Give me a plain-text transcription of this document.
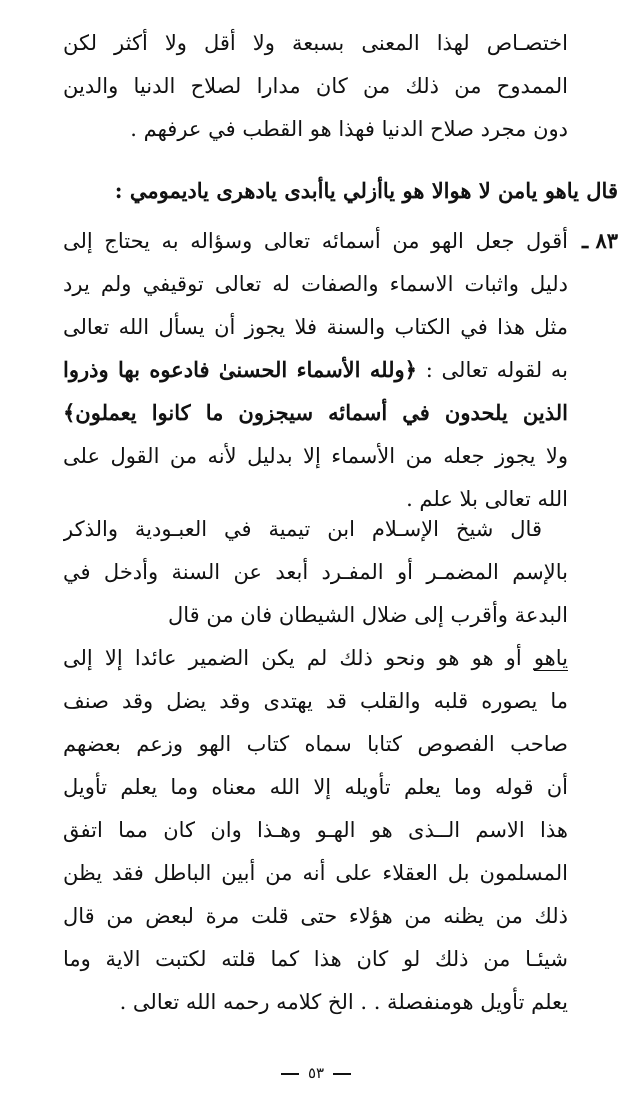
اختصـاص لهذا المعنى بسبعة ولا أقل ولا أكثر لكن
الممدوح من ذلك من كان مدارا لصلاح الدنيا والدين
دون مجرد صلاح الدنيا فهذا هو القطب في عرفهم .
قال ياهو يامن لا هوالا هو ياأزلي ياأبدى يادهرى ياديمومي :
٨٣ ـ
أقول جعل الهو من أسمائه تعالى وسؤاله به يحتاج إلى
دليل واثبات الاسماء والصفات له تعالى توقيفي ولم يرد
مثل هذا في الكتاب والسنة فلا يجوز أن يسأل الله تعالى
به لقوله تعالى : ﴿ولله الأسماء الحسنىٰ فادعوه بها وذروا
الذين يلحدون في أسمائه سيجزون ما كانوا يعملون﴾
ولا يجوز جعله من الأسماء إلا بدليل لأنه من القول على
الله تعالى بلا علم .
قال شيخ الإسـلام ابن تيمية في العبـودية والذكر
بالإسم المضمـر أو المفـرد أبعد عن السنة وأدخل في
البدعة وأقرب إلى ضلال الشيطان فان من قال
ياهو أو هو هو ونحو ذلك لم يكن الضمير عائدا إلا إلى
ما يصوره قلبه والقلب قد يهتدى وقد يضل وقد صنف
صاحب الفصوص كتابا سماه كتاب الهو وزعم بعضهم
أن قوله وما يعلم تأويله إلا الله معناه وما يعلم تأويل
هذا الاسم الــذى هو الهـو وهـذا وان كان مما اتفق
المسلمون بل العقلاء على أنه من أبين الباطل فقد يظن
ذلك من يظنه من هؤلاء حتى قلت مرة لبعض من قال
شيئـا من ذلك لو كان هذا كما قلته لكتبت الاية وما
يعلم تأويل هومنفصلة . . الخ كلامه رحمه الله تعالى .
٥٣
